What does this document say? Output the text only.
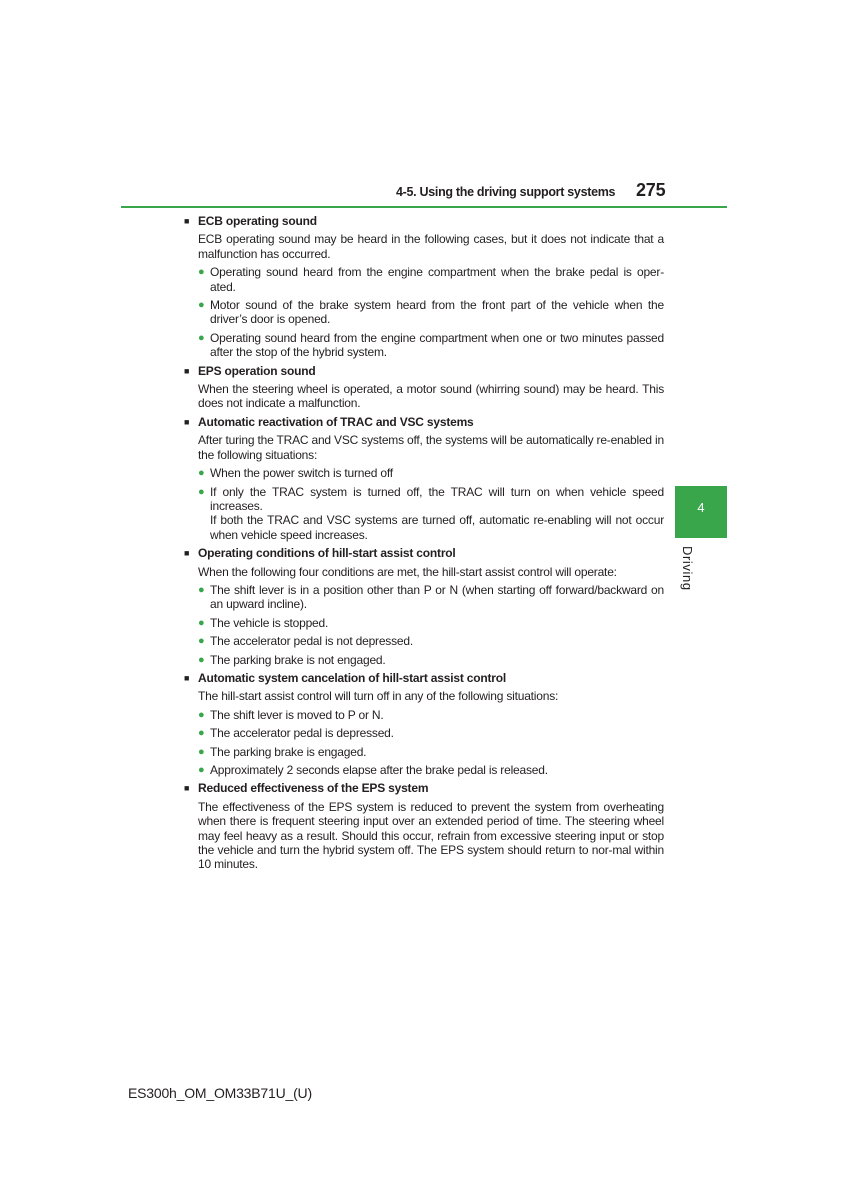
4-5. Using the driving support systems 275
4
Driving
■ ECB operating sound
ECB operating sound may be heard in the following cases, but it does not indicate that a malfunction has occurred.
● Operating sound heard from the engine compartment when the brake pedal is oper-ated.
● Motor sound of the brake system heard from the front part of the vehicle when the driver’s door is opened.
● Operating sound heard from the engine compartment when one or two minutes passed after the stop of the hybrid system.
■ EPS operation sound
When the steering wheel is operated, a motor sound (whirring sound) may be heard. This does not indicate a malfunction.
■ Automatic reactivation of TRAC and VSC systems
After turing the TRAC and VSC systems off, the systems will be automatically re-enabled in the following situations:
● When the power switch is turned off
● If only the TRAC system is turned off, the TRAC will turn on when vehicle speed increases.
If both the TRAC and VSC systems are turned off, automatic re-enabling will not occur when vehicle speed increases.
■ Operating conditions of hill-start assist control
When the following four conditions are met, the hill-start assist control will operate:
● The shift lever is in a position other than P or N (when starting off forward/backward on an upward incline).
● The vehicle is stopped.
● The accelerator pedal is not depressed.
● The parking brake is not engaged.
■ Automatic system cancelation of hill-start assist control
The hill-start assist control will turn off in any of the following situations:
● The shift lever is moved to P or N.
● The accelerator pedal is depressed.
● The parking brake is engaged.
● Approximately 2 seconds elapse after the brake pedal is released.
■ Reduced effectiveness of the EPS system
The effectiveness of the EPS system is reduced to prevent the system from overheating when there is frequent steering input over an extended period of time. The steering wheel may feel heavy as a result. Should this occur, refrain from excessive steering input or stop the vehicle and turn the hybrid system off. The EPS system should return to nor-mal within 10 minutes.
ES300h_OM_OM33B71U_(U)
